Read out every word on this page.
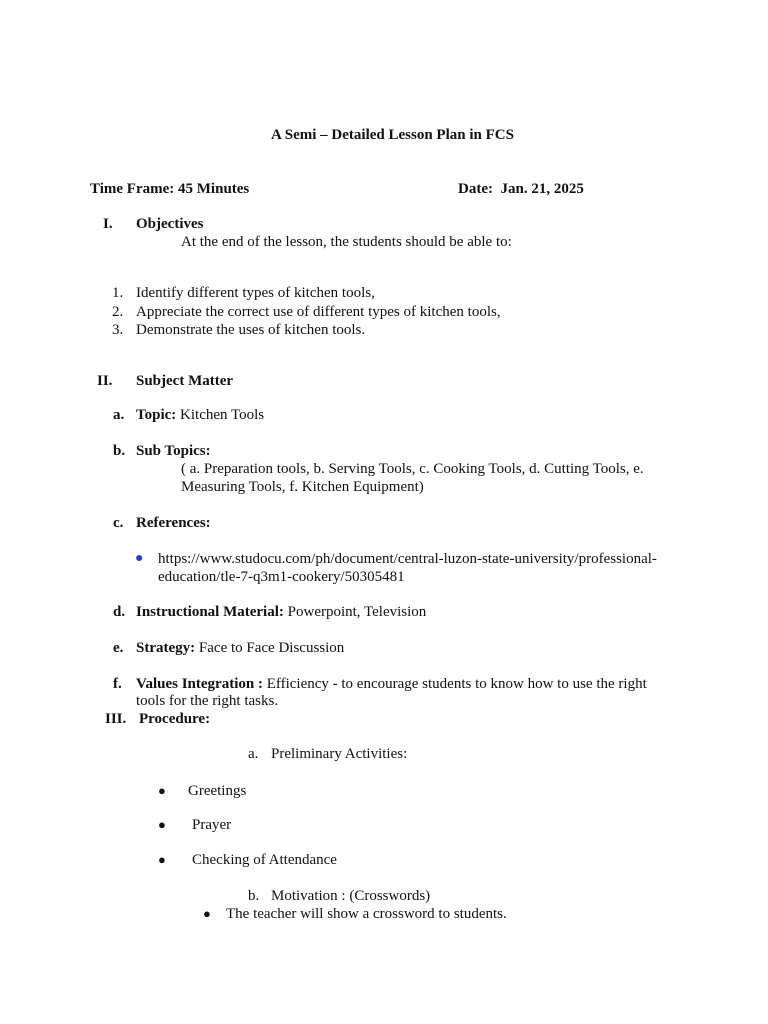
A Semi – Detailed Lesson Plan in FCS
Time Frame: 45 Minutes	Date:  Jan. 21, 2025
I. Objectives
At the end of the lesson, the students should be able to:
1. Identify different types of kitchen tools,
2. Appreciate the correct use of different types of kitchen tools,
3. Demonstrate the uses of kitchen tools.
II. Subject Matter
a. Topic: Kitchen Tools
b. Sub Topics:
( a. Preparation tools, b. Serving Tools, c. Cooking Tools, d. Cutting Tools, e.
Measuring Tools, f. Kitchen Equipment)
c. References:
● https://www.studocu.com/ph/document/central-luzon-state-university/professional-
education/tle-7-q3m1-cookery/50305481
d. Instructional Material: Powerpoint, Television
e. Strategy: Face to Face Discussion
f. Values Integration : Efficiency - to encourage students to know how to use the right
tools for the right tasks.
III. Procedure:
a. Preliminary Activities:
● Greetings
● Prayer
● Checking of Attendance
b. Motivation : (Crosswords)
● The teacher will show a crossword to students.
